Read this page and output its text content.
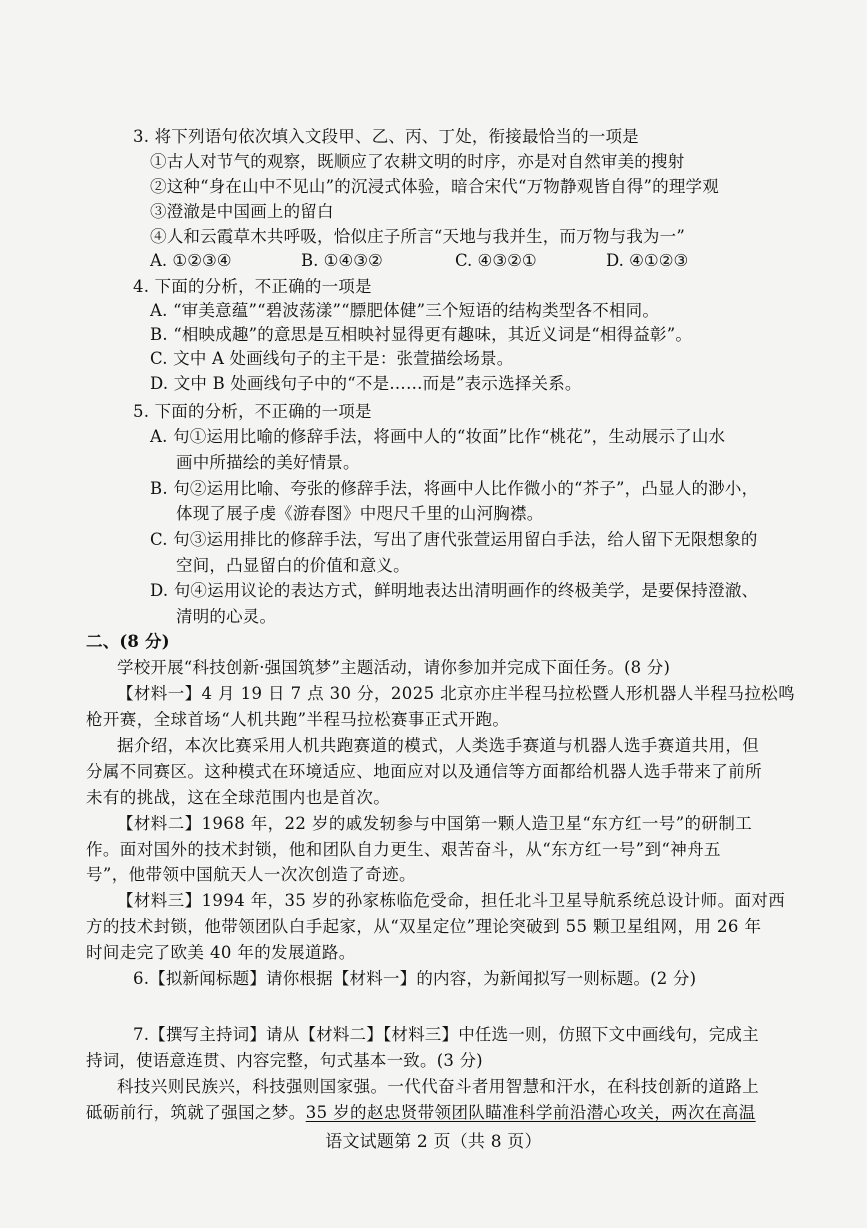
3. 将下列语句依次填入文段甲、乙、丙、丁处，衔接最恰当的一项是
①古人对节气的观察，既顺应了农耕文明的时序，亦是对自然审美的搜射
②这种“身在山中不见山”的沉浸式体验，暗合宋代“万物静观皆自得”的理学观
③澄澈是中国画上的留白
④人和云霞草木共呼吸，恰似庄子所言“天地与我并生，而万物与我为一”
A. ①②③④	B. ①④③②	C. ④③②①	D. ④①②③
4. 下面的分析，不正确的一项是
A. “审美意蕴”“碧波荡漾”“膘肥体健”三个短语的结构类型各不相同。
B. “相映成趣”的意思是互相映衬显得更有趣味，其近义词是“相得益彰”。
C. 文中 A 处画线句子的主干是：张萱描绘场景。
D. 文中 B 处画线句子中的“不是……而是”表示选择关系。
5. 下面的分析，不正确的一项是
A. 句①运用比喻的修辞手法，将画中人的“妆面”比作“桃花”，生动展示了山水
画中所描绘的美好情景。
B. 句②运用比喻、夸张的修辞手法，将画中人比作微小的“芥子”，凸显人的渺小，
体现了展子虔《游春图》中咫尺千里的山河胸襟。
C. 句③运用排比的修辞手法，写出了唐代张萱运用留白手法，给人留下无限想象的
空间，凸显留白的价值和意义。
D. 句④运用议论的表达方式，鲜明地表达出清明画作的终极美学，是要保持澄澈、
清明的心灵。
二、(8 分)
学校开展“科技创新·强国筑梦”主题活动，请你参加并完成下面任务。(8 分)
【材料一】4 月 19 日 7 点 30 分，2025 北京亦庄半程马拉松暨人形机器人半程马拉松鸣
枪开赛，全球首场“人机共跑”半程马拉松赛事正式开跑。
据介绍，本次比赛采用人机共跑赛道的模式，人类选手赛道与机器人选手赛道共用，但
分属不同赛区。这种模式在环境适应、地面应对以及通信等方面都给机器人选手带来了前所
未有的挑战，这在全球范围内也是首次。
【材料二】1968 年，22 岁的戚发轫参与中国第一颗人造卫星“东方红一号”的研制工
作。面对国外的技术封锁，他和团队自力更生、艰苦奋斗，从“东方红一号”到“神舟五
号”，他带领中国航天人一次次创造了奇迹。
【材料三】1994 年，35 岁的孙家栋临危受命，担任北斗卫星导航系统总设计师。面对西
方的技术封锁，他带领团队白手起家，从“双星定位”理论突破到 55 颗卫星组网，用 26 年
时间走完了欧美 40 年的发展道路。
6.【拟新闻标题】请你根据【材料一】的内容，为新闻拟写一则标题。(2 分)
7.【撰写主持词】请从【材料二】【材料三】中任选一则，仿照下文中画线句，完成主
持词，使语意连贯、内容完整，句式基本一致。(3 分)
科技兴则民族兴，科技强则国家强。一代代奋斗者用智慧和汗水，在科技创新的道路上
砥砺前行，筑就了强国之梦。35 岁的赵忠贤带领团队瞄准科学前沿潜心攻关，两次在高温
语文试题第 2 页（共 8 页）
